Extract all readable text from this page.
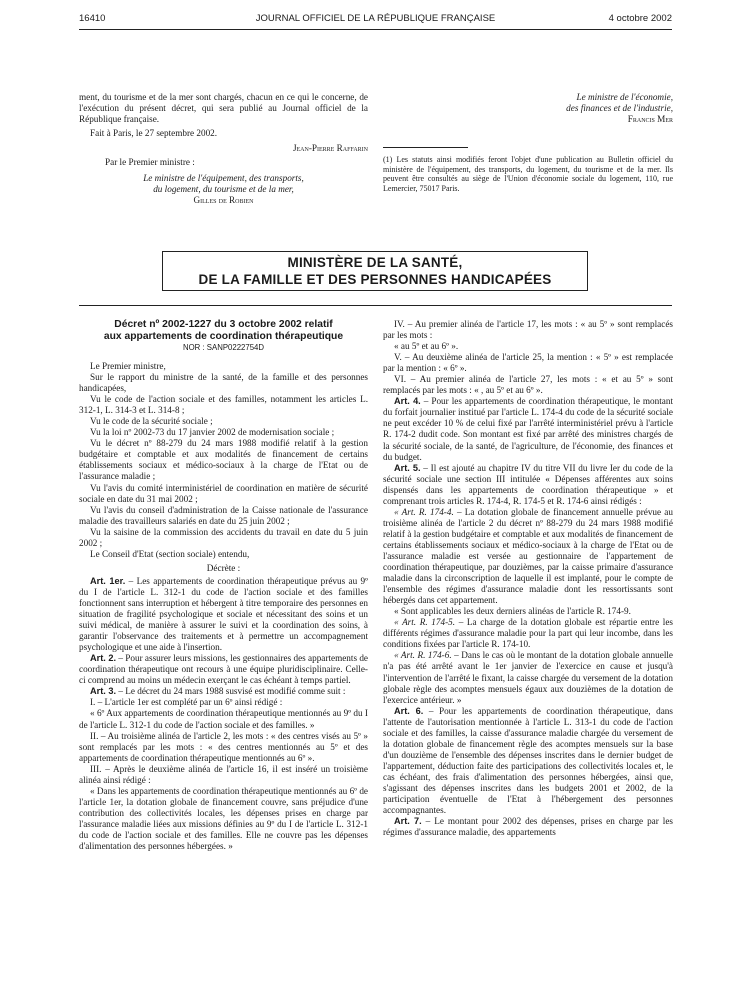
16410	JOURNAL OFFICIEL DE LA RÉPUBLIQUE FRANÇAISE	4 octobre 2002

ment, du tourisme et de la mer sont chargés, chacun en ce qui le concerne, de l'exécution du présent décret, qui sera publié au Journal officiel de la République française.

Fait à Paris, le 27 septembre 2002.

Jean-Pierre Raffarin

Par le Premier ministre :

Le ministre de l'équipement, des transports,

du logement, du tourisme et de la mer,

Gilles de Robien

Le ministre de l'économie,

des finances et de l'industrie,

Francis Mer

(1) Les statuts ainsi modifiés feront l'objet d'une publication au Bulletin officiel du ministère de l'équipement, des transports, du logement, du tourisme et de la mer. Ils peuvent être consultés au siège de l'Union d'économie sociale du logement, 110, rue Lemercier, 75017 Paris.
MINISTÈRE DE LA SANTÉ,
DE LA FAMILLE ET DES PERSONNES HANDICAPÉES
Décret nº 2002-1227 du 3 octobre 2002 relatif
aux appartements de coordination thérapeutique
NOR : SANP0222754D

Le Premier ministre,

Sur le rapport du ministre de la santé, de la famille et des personnes handicapées,

Vu le code de l'action sociale et des familles, notamment les articles L. 312-1, L. 314-3 et L. 314-8 ;

Vu le code de la sécurité sociale ;

Vu la loi nº 2002-73 du 17 janvier 2002 de modernisation sociale ;

Vu le décret nº 88-279 du 24 mars 1988 modifié relatif à la gestion budgétaire et comptable et aux modalités de financement de certains établissements sociaux et médico-sociaux à la charge de l'Etat ou de l'assurance maladie ;

Vu l'avis du comité interministériel de coordination en matière de sécurité sociale en date du 31 mai 2002 ;

Vu l'avis du conseil d'administration de la Caisse nationale de l'assurance maladie des travailleurs salariés en date du 25 juin 2002 ;

Vu la saisine de la commission des accidents du travail en date du 5 juin 2002 ;

Le Conseil d'Etat (section sociale) entendu,

Décrète :

Art. 1er. – Les appartements de coordination thérapeutique prévus au 9º du I de l'article L. 312-1 du code de l'action sociale et des familles fonctionnent sans interruption et hébergent à titre temporaire des personnes en situation de fragilité psychologique et sociale et nécessitant des soins et un suivi médical, de manière à assurer le suivi et la coordination des soins, à garantir l'observance des traitements et à permettre un accompagnement psychologique et une aide à l'insertion.

Art. 2. – Pour assurer leurs missions, les gestionnaires des appartements de coordination thérapeutique ont recours à une équipe pluridisciplinaire. Celle-ci comprend au moins un médecin exerçant le cas échéant à temps partiel.

Art. 3. – Le décret du 24 mars 1988 susvisé est modifié comme suit :

I. – L'article 1er est complété par un 6º ainsi rédigé :

« 6º Aux appartements de coordination thérapeutique mentionnés au 9º du I de l'article L. 312-1 du code de l'action sociale et des familles. »

II. – Au troisième alinéa de l'article 2, les mots : « des centres visés au 5º » sont remplacés par les mots : « des centres mentionnés au 5º et des appartements de coordination thérapeutique mentionnés au 6º ».

III. – Après le deuxième alinéa de l'article 16, il est inséré un troisième alinéa ainsi rédigé :

« Dans les appartements de coordination thérapeutique mentionnés au 6º de l'article 1er, la dotation globale de financement couvre, sans préjudice d'une contribution des collectivités locales, les dépenses prises en charge par l'assurance maladie liées aux missions définies au 9º du I de l'article L. 312-1 du code de l'action sociale et des familles. Elle ne couvre pas les dépenses d'alimentation des personnes hébergées. »

IV. – Au premier alinéa de l'article 17, les mots : « au 5º » sont remplacés par les mots :

« au 5º et au 6º ».

V. – Au deuxième alinéa de l'article 25, la mention : « 5º » est remplacée par la mention : « 6º ».

VI. – Au premier alinéa de l'article 27, les mots : « et au 5º » sont remplacés par les mots : « , au 5º et au 6º ».

Art. 4. – Pour les appartements de coordination thérapeutique, le montant du forfait journalier institué par l'article L. 174-4 du code de la sécurité sociale ne peut excéder 10 % de celui fixé par l'arrêté interministériel prévu à l'article R. 174-2 dudit code. Son montant est fixé par arrêté des ministres chargés de la sécurité sociale, de la santé, de l'agriculture, de l'économie, des finances et du budget.

Art. 5. – Il est ajouté au chapitre IV du titre VII du livre Ier du code de la sécurité sociale une section III intitulée « Dépenses afférentes aux soins dispensés dans les appartements de coordination thérapeutique » et comprenant trois articles R. 174-4, R. 174-5 et R. 174-6 ainsi rédigés :

« Art. R. 174-4. – La dotation globale de financement annuelle prévue au troisième alinéa de l'article 2 du décret nº 88-279 du 24 mars 1988 modifié relatif à la gestion budgétaire et comptable et aux modalités de financement de certains établissements sociaux et médico-sociaux à la charge de l'Etat ou de l'assurance maladie est versée au gestionnaire de l'appartement de coordination thérapeutique, par douzièmes, par la caisse primaire d'assurance maladie dans la circonscription de laquelle il est implanté, pour le compte de l'ensemble des régimes d'assurance maladie dont les ressortissants sont hébergés dans cet appartement.

« Sont applicables les deux derniers alinéas de l'article R. 174-9.

« Art. R. 174-5. – La charge de la dotation globale est répartie entre les différents régimes d'assurance maladie pour la part qui leur incombe, dans les conditions fixées par l'article R. 174-10.

« Art. R. 174-6. – Dans le cas où le montant de la dotation globale annuelle n'a pas été arrêté avant le 1er janvier de l'exercice en cause et jusqu'à l'intervention de l'arrêté le fixant, la caisse chargée du versement de la dotation globale règle des acomptes mensuels égaux aux douzièmes de la dotation de l'exercice antérieur. »

Art. 6. – Pour les appartements de coordination thérapeutique, dans l'attente de l'autorisation mentionnée à l'article L. 313-1 du code de l'action sociale et des familles, la caisse d'assurance maladie chargée du versement de la dotation globale de financement règle des acomptes mensuels sur la base d'un douzième de l'ensemble des dépenses inscrites dans le dernier budget de l'appartement, déduction faite des participations des collectivités locales et, le cas échéant, des frais d'alimentation des personnes hébergées, ainsi que, s'agissant des dépenses inscrites dans les budgets 2001 et 2002, de la participation éventuelle de l'Etat à l'hébergement des personnes accompagnantes.

Art. 7. – Le montant pour 2002 des dépenses, prises en charge par les régimes d'assurance maladie, des appartements
